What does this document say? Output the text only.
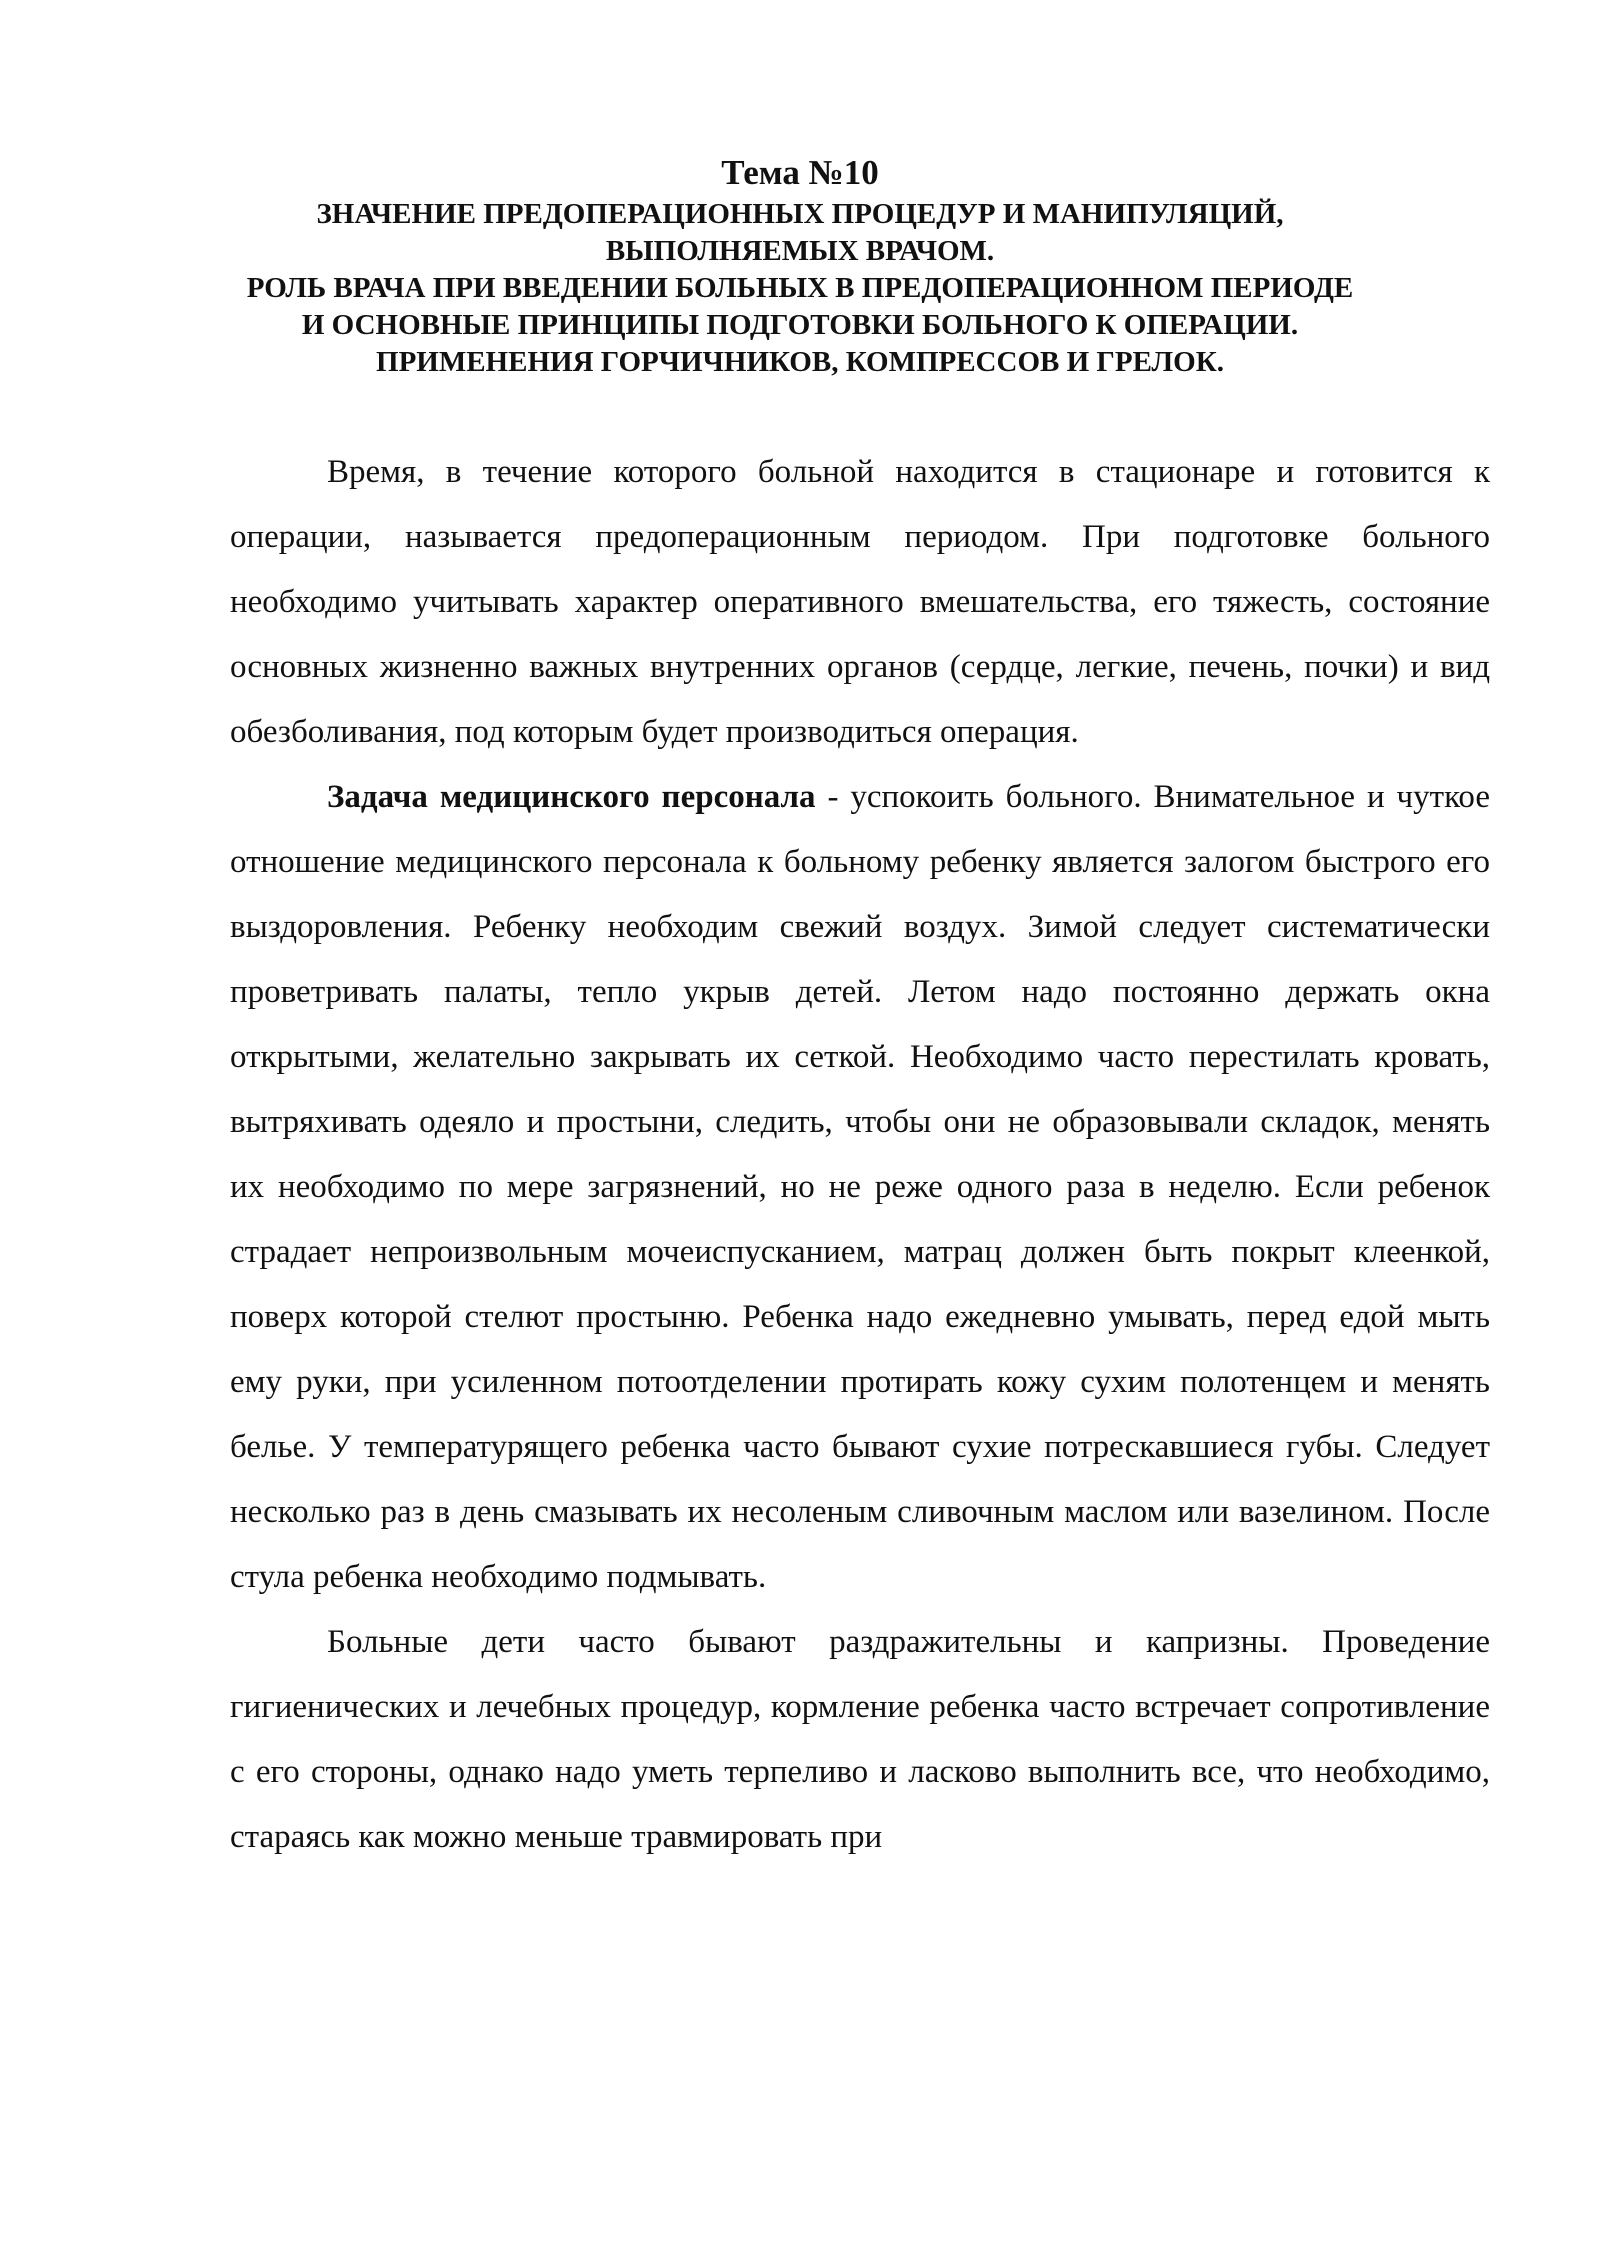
Тема №10
ЗНАЧЕНИЕ ПРЕДОПЕРАЦИОННЫХ ПРОЦЕДУР И МАНИПУЛЯЦИЙ,
ВЫПОЛНЯЕМЫХ ВРАЧОМ.
РОЛЬ ВРАЧА ПРИ ВВЕДЕНИИ БОЛЬНЫХ В ПРЕДОПЕРАЦИОННОМ ПЕРИОДЕ
И ОСНОВНЫЕ ПРИНЦИПЫ ПОДГОТОВКИ БОЛЬНОГО К ОПЕРАЦИИ.
ПРИМЕНЕНИЯ ГОРЧИЧНИКОВ, КОМПРЕССОВ И ГРЕЛОК.

Время, в течение которого больной находится в стационаре и готовится к операции, называется предоперационным периодом. При подготовке больного необходимо учитывать характер оперативного вмешательства, его тяжесть, состояние основных жизненно важных внутренних органов (сердце, легкие, печень, почки) и вид обезболивания, под которым будет производиться операция.

Задача медицинского персонала - успокоить больного. Внимательное и чуткое отношение медицинского персонала к больному ребенку является залогом быстрого его выздоровления. Ребенку необходим свежий воздух. Зимой следует систематически проветривать палаты, тепло укрыв детей. Летом надо постоянно держать окна открытыми, желательно закрывать их сеткой. Необходимо часто перестилать кровать, вытряхивать одеяло и простыни, следить, чтобы они не образовывали складок, менять их необходимо по мере загрязнений, но не реже одного раза в неделю. Если ребенок страдает непроизвольным мочеиспусканием, матрац должен быть покрыт клеенкой, поверх которой стелют простыню. Ребенка надо ежедневно умывать, перед едой мыть ему руки, при усиленном потоотделении протирать кожу сухим полотенцем и менять белье. У температурящего ребенка часто бывают сухие потрескавшиеся губы. Следует несколько раз в день смазывать их несоленым сливочным маслом или вазелином. После стула ребенка необходимо подмывать.

Больные дети часто бывают раздражительны и капризны. Проведение гигиенических и лечебных процедур, кормление ребенка часто встречает сопротивление с его стороны, однако надо уметь терпеливо и ласково выполнить все, что необходимо, стараясь как можно меньше травмировать при
